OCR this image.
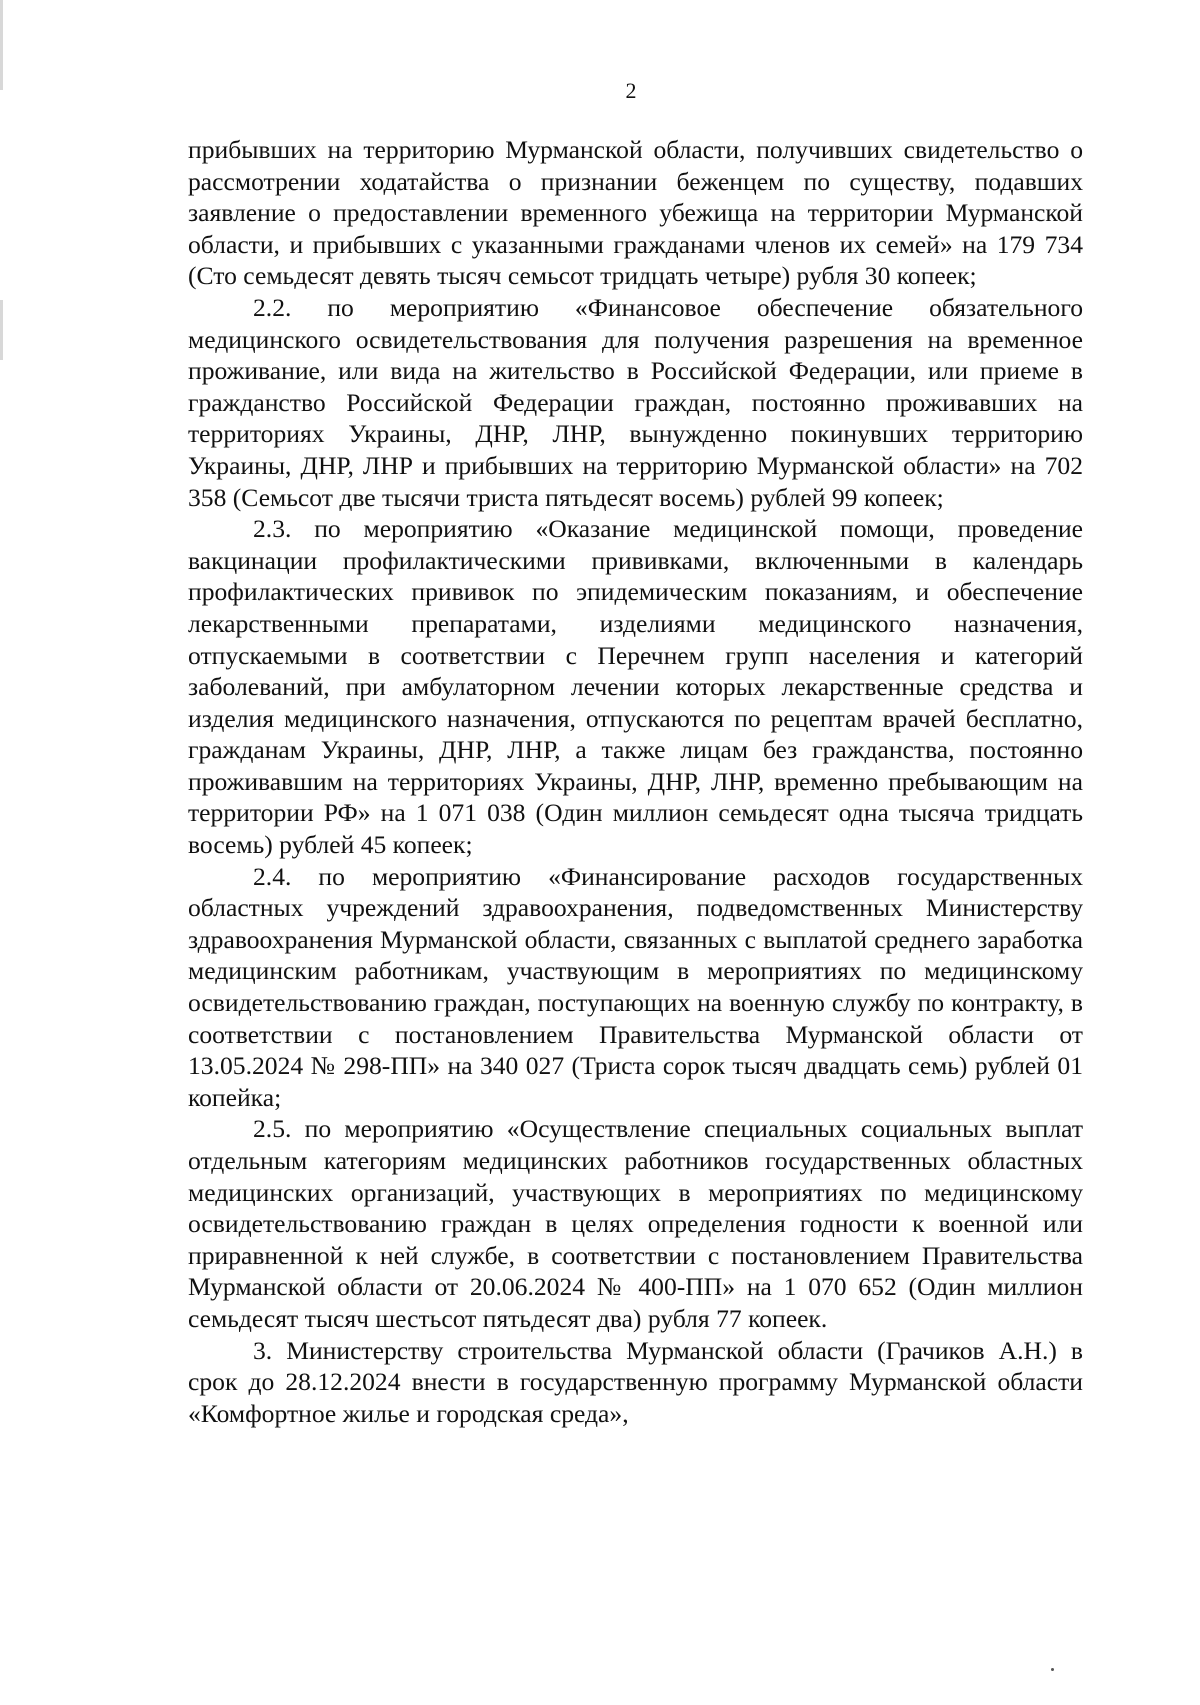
2

прибывших на территорию Мурманской области, получивших свидетельство о рассмотрении ходатайства о признании беженцем по существу, подавших заявление о предоставлении временного убежища на территории Мурманской области, и прибывших с указанными гражданами членов их семей» на 179 734 (Сто семьдесят девять тысяч семьсот тридцать четыре) рубля 30 копеек;

2.2. по мероприятию «Финансовое обеспечение обязательного медицинского освидетельствования для получения разрешения на временное проживание, или вида на жительство в Российской Федерации, или приеме в гражданство Российской Федерации граждан, постоянно проживавших на территориях Украины, ДНР, ЛНР, вынужденно покинувших территорию Украины, ДНР, ЛНР и прибывших на территорию Мурманской области» на 702 358 (Семьсот две тысячи триста пятьдесят восемь) рублей 99 копеек;

2.3. по мероприятию «Оказание медицинской помощи, проведение вакцинации профилактическими прививками, включенными в календарь профилактических прививок по эпидемическим показаниям, и обеспечение лекарственными препаратами, изделиями медицинского назначения, отпускаемыми в соответствии с Перечнем групп населения и категорий заболеваний, при амбулаторном лечении которых лекарственные средства и изделия медицинского назначения, отпускаются по рецептам врачей бесплатно, гражданам Украины, ДНР, ЛНР, а также лицам без гражданства, постоянно проживавшим на территориях Украины, ДНР, ЛНР, временно пребывающим на территории РФ» на 1 071 038 (Один миллион семьдесят одна тысяча тридцать восемь) рублей 45 копеек;

2.4. по мероприятию «Финансирование расходов государственных областных учреждений здравоохранения, подведомственных Министерству здравоохранения Мурманской области, связанных с выплатой среднего заработка медицинским работникам, участвующим в мероприятиях по медицинскому освидетельствованию граждан, поступающих на военную службу по контракту, в соответствии с постановлением Правительства Мурманской области от 13.05.2024 № 298-ПП» на 340 027 (Триста сорок тысяч двадцать семь) рублей 01 копейка;

2.5. по мероприятию «Осуществление специальных социальных выплат отдельным категориям медицинских работников государственных областных медицинских организаций, участвующих в мероприятиях по медицинскому освидетельствованию граждан в целях определения годности к военной или приравненной к ней службе, в соответствии с постановлением Правительства Мурманской области от 20.06.2024 № 400-ПП» на 1 070 652 (Один миллион семьдесят тысяч шестьсот пятьдесят два) рубля 77 копеек.

3. Министерству строительства Мурманской области (Грачиков А.Н.) в срок до 28.12.2024 внести в государственную программу Мурманской области «Комфортное жилье и городская среда»,
